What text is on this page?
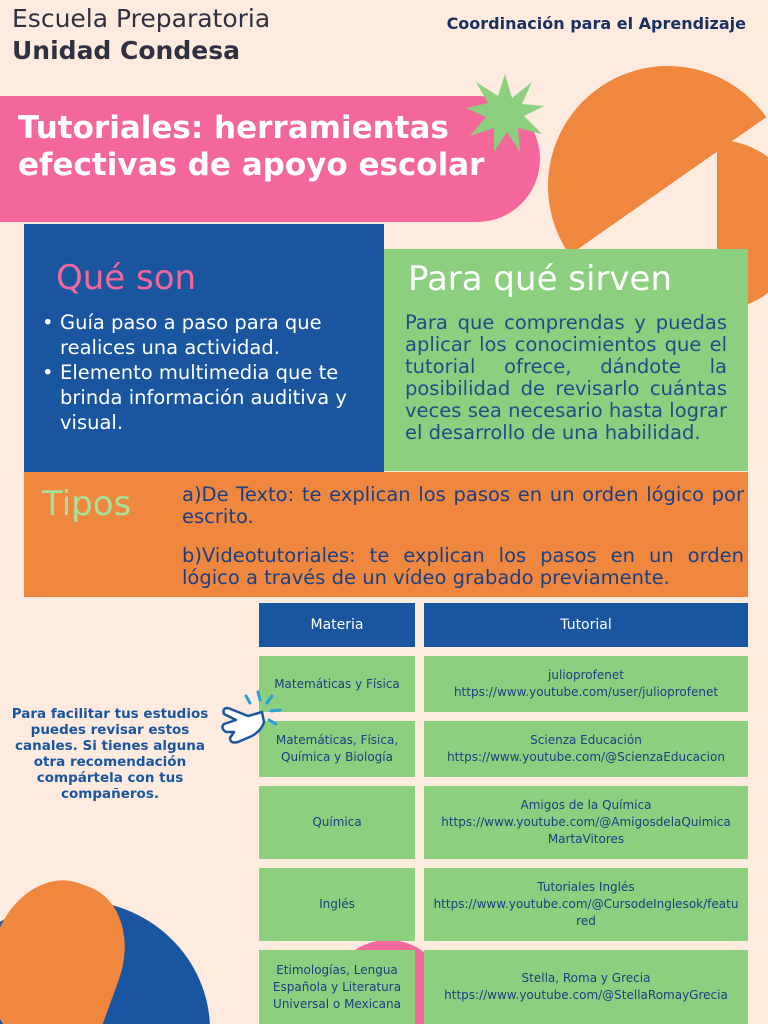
Escuela Preparatoria
Unidad Condesa
Coordinación para el Aprendizaje
Tutoriales: herramientas
efectivas de apoyo escolar
Qué son
• Guía paso a paso para que realices una actividad.
• Elemento multimedia que te brinda información auditiva y visual.
Para qué sirven
Para que comprendas y puedas aplicar los conocimientos que el tutorial ofrece, dándote la posibilidad de revisarlo cuántas veces sea necesario hasta lograr el desarrollo de una habilidad.
Tipos	a)De Texto: te explican los pasos en un orden lógico por escrito.
b)Videotutoriales: te explican los pasos en un orden lógico a través de un vídeo grabado previamente.
Materia	Tutorial
Matemáticas y Física
julioprofenet
https://www.youtube.com/user/julioprofenet
Matemáticas, Física, Química y Biología
Scienza Educación
https://www.youtube.com/@ScienzaEducacion
Química
Amigos de la Química
https://www.youtube.com/@AmigosdelaQuimica
MartaVitores
Inglés
Tutoriales Inglés
https://www.youtube.com/@CursodeInglesok/featured
Etimologías, Lengua Española y Literatura Universal o Mexicana
Stella, Roma y Grecia
https://www.youtube.com/@StellaRomayGrecia
Para facilitar tus estudios puedes revisar estos canales. Si tienes alguna otra recomendación compártela con tus compañeros.
